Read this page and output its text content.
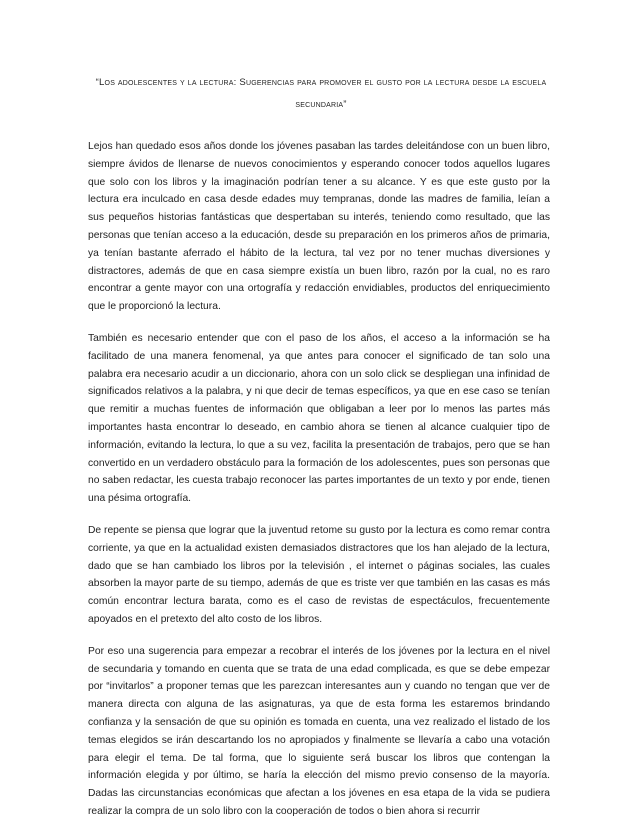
“Los adolescentes y la lectura: Sugerencias para promover el gusto por la lectura desde la escuela secundaria”

Lejos han quedado esos años donde los jóvenes pasaban las tardes deleitándose con un buen libro, siempre ávidos de llenarse de nuevos conocimientos y esperando conocer todos aquellos lugares que solo con los libros y la imaginación podrían tener a su alcance. Y es que este gusto por la lectura era inculcado en casa desde edades muy tempranas, donde las madres de familia, leían a sus pequeños historias fantásticas que despertaban su interés, teniendo como resultado, que las personas que tenían acceso a la educación, desde su preparación en los primeros años de primaria, ya tenían bastante aferrado el hábito de la lectura, tal vez por no tener muchas diversiones y distractores, además de que en casa siempre existía un buen libro, razón por la cual, no es raro encontrar a gente mayor con una ortografía y redacción envidiables, productos del enriquecimiento que le proporcionó la lectura.

También es necesario entender que con el paso de los años, el acceso a la información se ha facilitado de una manera fenomenal, ya que antes para conocer el significado de tan solo una palabra era necesario acudir a un diccionario, ahora con un solo click se despliegan una infinidad de significados relativos a la palabra, y ni que decir de temas específicos, ya que en ese caso se tenían que remitir a muchas fuentes de información que obligaban a leer por lo menos las partes más importantes hasta encontrar lo deseado, en cambio ahora se tienen al alcance cualquier tipo de información, evitando la lectura, lo que a su vez, facilita la presentación de trabajos, pero que se han convertido en un verdadero obstáculo para la formación de los adolescentes, pues son personas que no saben redactar, les cuesta trabajo reconocer las partes importantes de un texto y por ende, tienen una pésima ortografía.

De repente se piensa que lograr que la juventud retome su gusto por la lectura es como remar contra corriente, ya que en la actualidad existen demasiados distractores que los han alejado de la lectura, dado que se han cambiado los libros por la televisión , el internet o páginas sociales, las cuales absorben la mayor parte de su tiempo, además de que es triste ver que también en las casas es más común encontrar lectura barata, como es el caso de revistas de espectáculos, frecuentemente apoyados en el pretexto del alto costo de los libros.

Por eso una sugerencia para empezar a recobrar el interés de los jóvenes por la lectura en el nivel de secundaria y tomando en cuenta que se trata de una edad complicada, es que se debe empezar por “invitarlos” a proponer temas que les parezcan interesantes aun y cuando no tengan que ver de manera directa con alguna de las asignaturas, ya que de esta forma les estaremos brindando confianza y la sensación de que su opinión es tomada en cuenta, una vez realizado el listado de los temas elegidos se irán descartando los no apropiados y finalmente se llevaría a cabo una votación para elegir el tema. De tal forma, que lo siguiente será buscar los libros que contengan la información elegida y por último, se haría la elección del mismo previo consenso de la mayoría. Dadas las circunstancias económicas que afectan a los jóvenes en esa etapa de la vida se pudiera realizar la compra de un solo libro con la cooperación de todos o bien ahora si recurrir
